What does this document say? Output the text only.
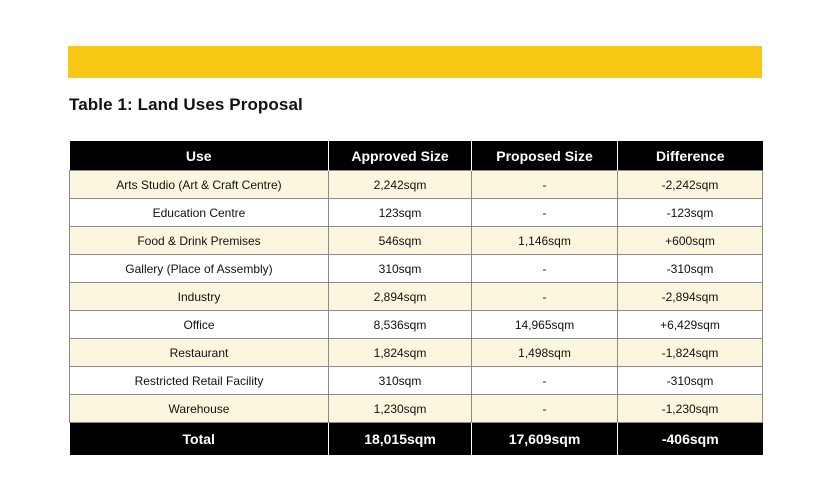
Table 1: Land Uses Proposal
Use	Approved Size	Proposed Size	Difference
Arts Studio (Art & Craft Centre)	2,242sqm	-	-2,242sqm
Education Centre	123sqm	-	-123sqm
Food & Drink Premises	546sqm	1,146sqm	+600sqm
Gallery (Place of Assembly)	310sqm	-	-310sqm
Industry	2,894sqm	-	-2,894sqm
Office	8,536sqm	14,965sqm	+6,429sqm
Restaurant	1,824sqm	1,498sqm	-1,824sqm
Restricted Retail Facility	310sqm	-	-310sqm
Warehouse	1,230sqm	-	-1,230sqm
Total	18,015sqm	17,609sqm	-406sqm
